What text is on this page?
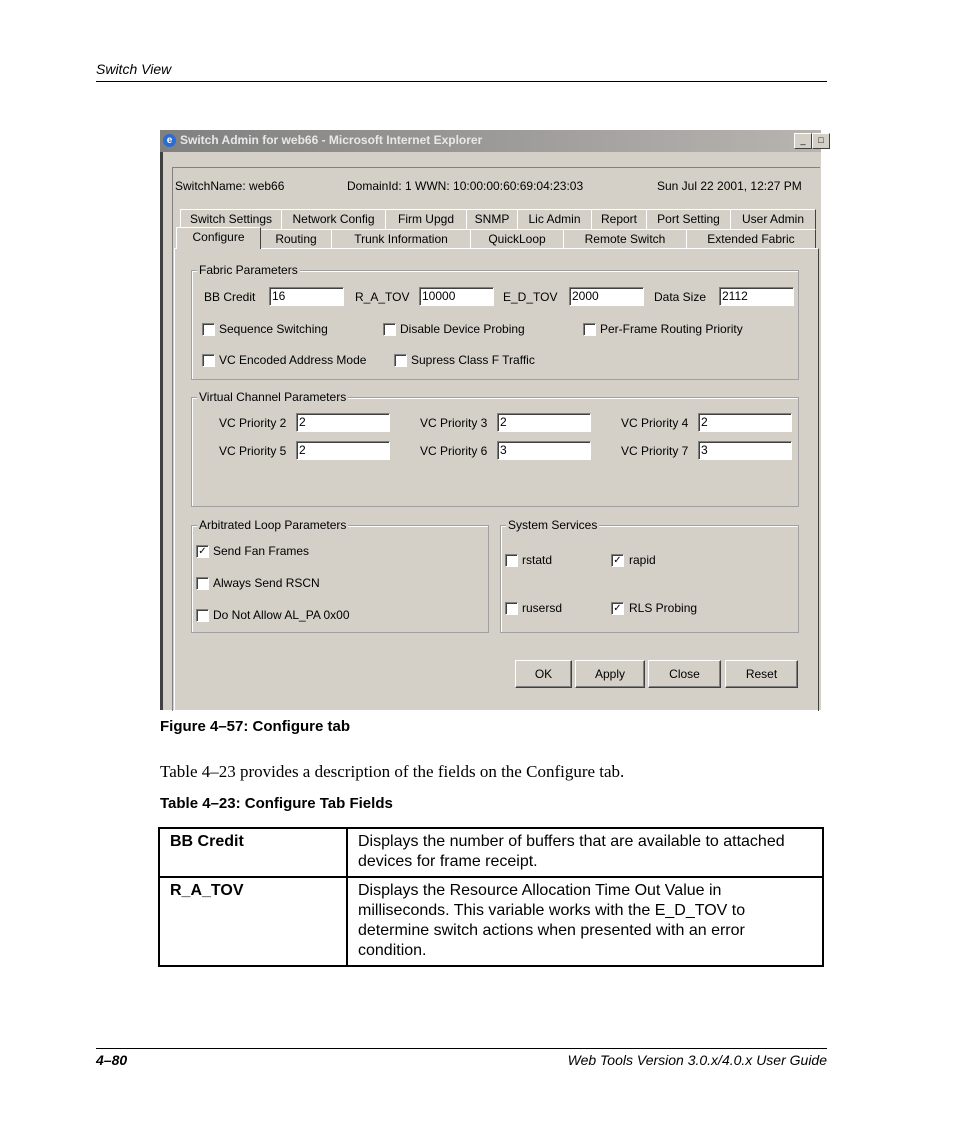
Switch View
e Switch Admin for web66 - Microsoft Internet Explorer	_	□
SwitchName: web66	DomainId: 1 WWN: 10:00:00:60:69:04:23:03	Sun Jul 22 2001, 12:27 PM
Switch Settings	Network Config	Firm Upgd	SNMP	Lic Admin	Report	Port Setting	User Admin
Configure	Routing	Trunk Information	QuickLoop	Remote Switch	Extended Fabric
Fabric Parameters
BB Credit
16	R_A_TOV
10000	E_D_TOV
2000	Data Size
2112
Sequence Switching	Disable Device Probing	Per-Frame Routing Priority
VC Encoded Address Mode	Supress Class F Traffic
Virtual Channel Parameters
VC Priority 2
2	VC Priority 3
2	VC Priority 4
2
VC Priority 5
2	VC Priority 6
3	VC Priority 7
3
Arbitrated Loop Parameters
✓ Send Fan Frames
Always Send RSCN
Do Not Allow AL_PA 0x00
System Services
rstatd	✓ rapid
rusersd	✓ RLS Probing
OK	Apply	Close	Reset
Figure 4–57: Configure tab
Table 4–23 provides a description of the fields on the Configure tab.
Table 4–23: Configure Tab Fields
BB Credit	Displays the number of buffers that are available to attached devices for frame receipt.
R_A_TOV	Displays the Resource Allocation Time Out Value in milliseconds. This variable works with the E_D_TOV to determine switch actions when presented with an error condition.
4–80	Web Tools Version 3.0.x/4.0.x User Guide
